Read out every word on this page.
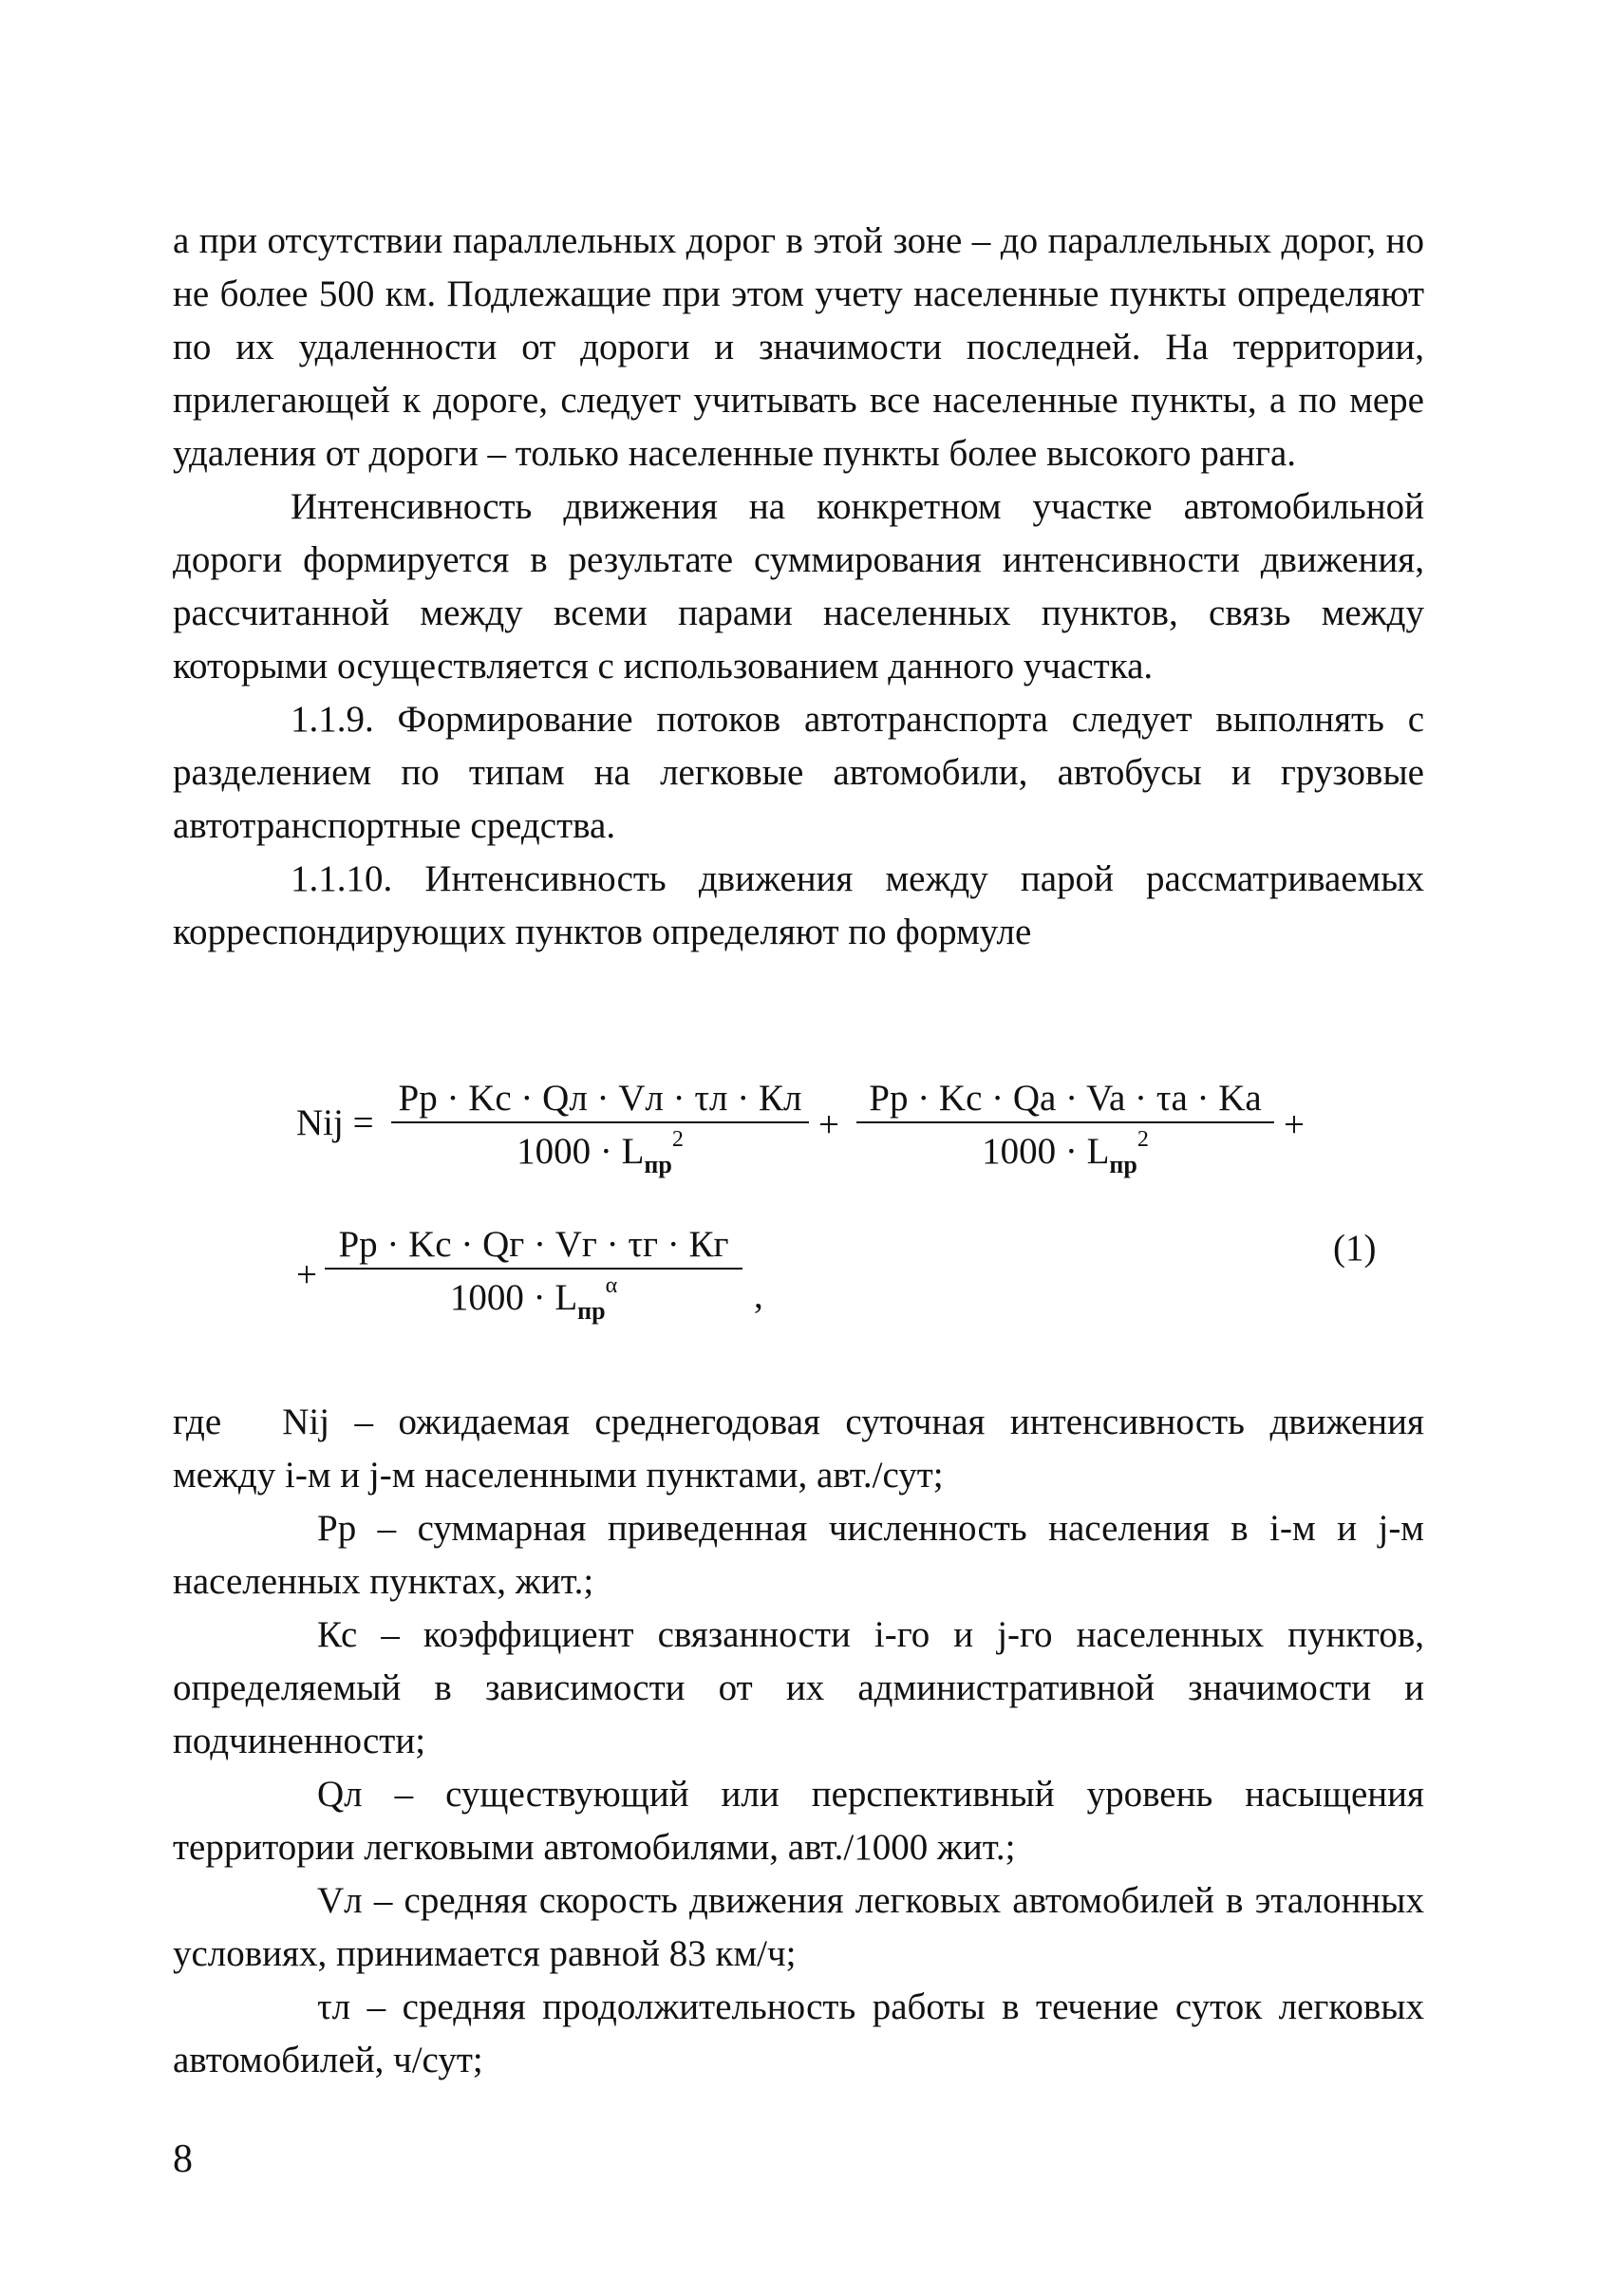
а при отсутствии параллельных дорог в этой зоне – до параллельных дорог, но не более 500 км. Подлежащие при этом учету населенные пункты определяют по их удаленности от дороги и значимости последней. На территории, прилегающей к дороге, следует учитывать все населенные пункты, а по мере удаления от дороги – только населенные пункты более высокого ранга.

Интенсивность движения на конкретном участке автомобильной дороги формируется в результате суммирования интенсивности движения, рассчитанной между всеми парами населенных пунктов, связь между которыми осуществляется с использованием данного участка.

1.1.9. Формирование потоков автотранспорта следует выполнять с разделением по типам на легковые автомобили, автобусы и грузовые автотранспортные средства.

1.1.10. Интенсивность движения между парой рассматриваемых корреспондирующих пунктов определяют по формуле

Nij =
Pp · Kc · Qл · Vл · τл · Кл
$1000 \cdot L_{пр}^2$	+
Pp · Kc · Qa · Va · τa · Ka
$1000 \cdot L_{пр}^2$	+
+
Pp · Kc · Qг · Vг · τг · Кг
$1000 \cdot L_{пр}^\alpha$	,
(1)

где Nij – ожидаемая среднегодовая суточная интенсивность движения между i-м и j-м населенными пунктами, авт./сут;

Pp – суммарная приведенная численность населения в i-м и j-м населенных пунктах, жит.;

Кс – коэффициент связанности i-го и j-го населенных пунктов, определяемый в зависимости от их административной значимости и подчиненности;

Qл – существующий или перспективный уровень насыщения территории легковыми автомобилями, авт./1000 жит.;

Vл – средняя скорость движения легковых автомобилей в эталонных условиях, принимается равной 83 км/ч;

τл – средняя продолжительность работы в течение суток легковых автомобилей, ч/сут;

8
